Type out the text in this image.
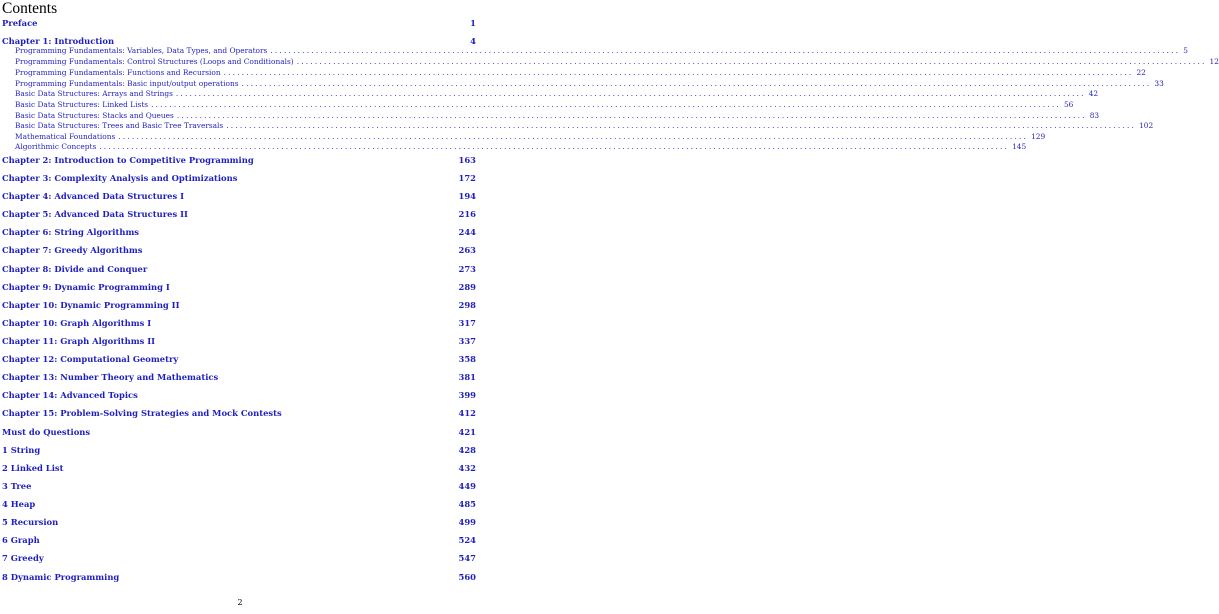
Contents
Preface	1
Chapter 1: Introduction	4
Programming Fundamentals: Variables, Data Types, and Operators ........................................................................................................................................................................................................ 5
Programming Fundamentals: Control Structures (Loops and Conditionals) ........................................................................................................................................................................................................ 12
Programming Fundamentals: Functions and Recursion ........................................................................................................................................................................................................ 22
Programming Fundamentals: Basic input/output operations ........................................................................................................................................................................................................ 33
Basic Data Structures: Arrays and Strings ........................................................................................................................................................................................................ 42
Basic Data Structures: Linked Lists ........................................................................................................................................................................................................ 56
Basic Data Structures: Stacks and Queues ........................................................................................................................................................................................................ 83
Basic Data Structures: Trees and Basic Tree Traversals ........................................................................................................................................................................................................ 102
Mathematical Foundations ........................................................................................................................................................................................................ 129
Algorithmic Concepts ........................................................................................................................................................................................................ 145
Chapter 2: Introduction to Competitive Programming	163
Chapter 3: Complexity Analysis and Optimizations	172
Chapter 4: Advanced Data Structures I	194
Chapter 5: Advanced Data Structures II	216
Chapter 6: String Algorithms	244
Chapter 7: Greedy Algorithms	263
Chapter 8: Divide and Conquer	273
Chapter 9: Dynamic Programming I	289
Chapter 10: Dynamic Programming II	298
Chapter 10: Graph Algorithms I	317
Chapter 11: Graph Algorithms II	337
Chapter 12: Computational Geometry	358
Chapter 13: Number Theory and Mathematics	381
Chapter 14: Advanced Topics	399
Chapter 15: Problem-Solving Strategies and Mock Contests	412
Must do Questions	421
1 String	428
2 Linked List	432
3 Tree	449
4 Heap	485
5 Recursion	499
6 Graph	524
7 Greedy	547
8 Dynamic Programming	560
2
